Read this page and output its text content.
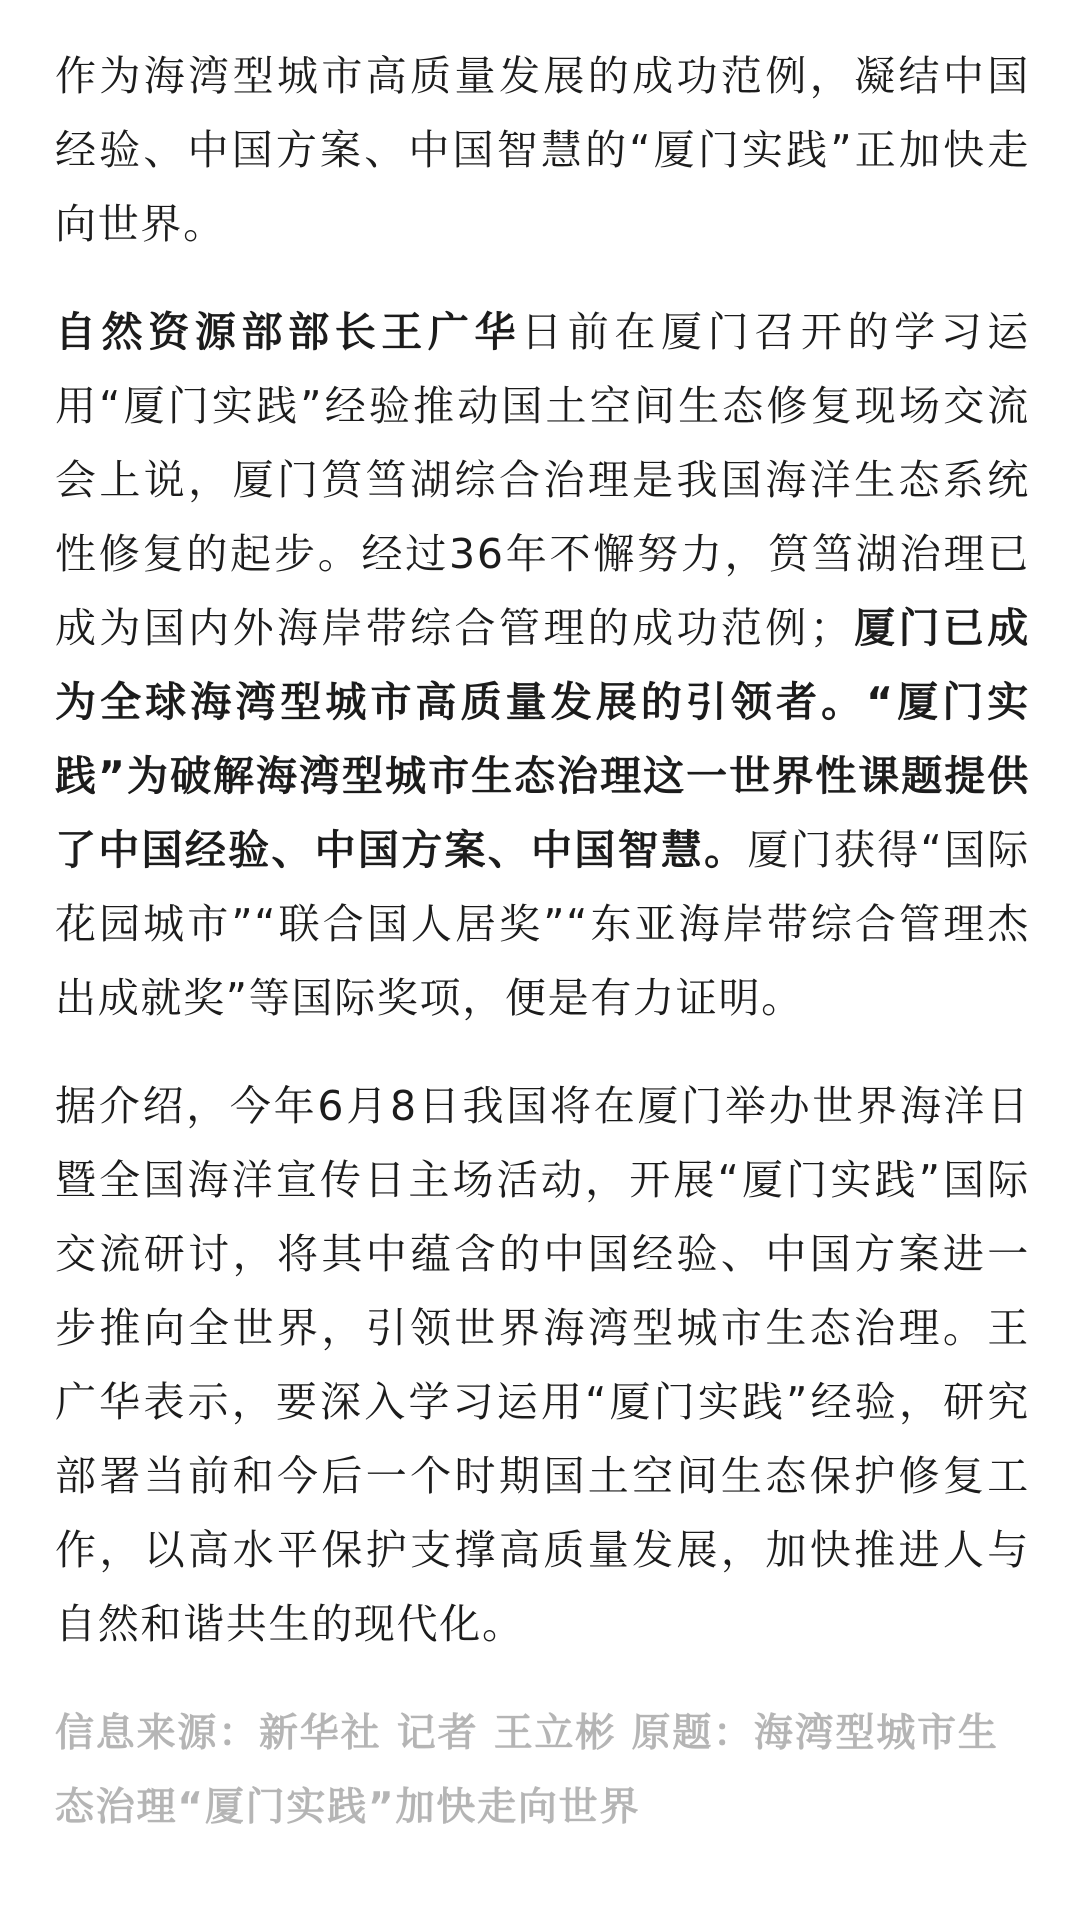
作为海湾型城市高质量发展的成功范例，凝结中国经验、中国方案、中国智慧的“厦门实践”正加快走向世界。

自然资源部部长王广华日前在厦门召开的学习运用“厦门实践”经验推动国土空间生态修复现场交流会上说，厦门筼筜湖综合治理是我国海洋生态系统性修复的起步。经过36年不懈努力，筼筜湖治理已成为国内外海岸带综合管理的成功范例；厦门已成为全球海湾型城市高质量发展的引领者。“厦门实践”为破解海湾型城市生态治理这一世界性课题提供了中国经验、中国方案、中国智慧。厦门获得“国际花园城市”“联合国人居奖”“东亚海岸带综合管理杰出成就奖”等国际奖项，便是有力证明。

据介绍，今年6月8日我国将在厦门举办世界海洋日暨全国海洋宣传日主场活动，开展“厦门实践”国际交流研讨，将其中蕴含的中国经验、中国方案进一步推向全世界，引领世界海湾型城市生态治理。王广华表示，要深入学习运用“厦门实践”经验，研究部署当前和今后一个时期国土空间生态保护修复工作，以高水平保护支撑高质量发展，加快推进人与自然和谐共生的现代化。

信息来源：新华社 记者 王立彬 原题：海湾型城市生态治理“厦门实践”加快走向世界
